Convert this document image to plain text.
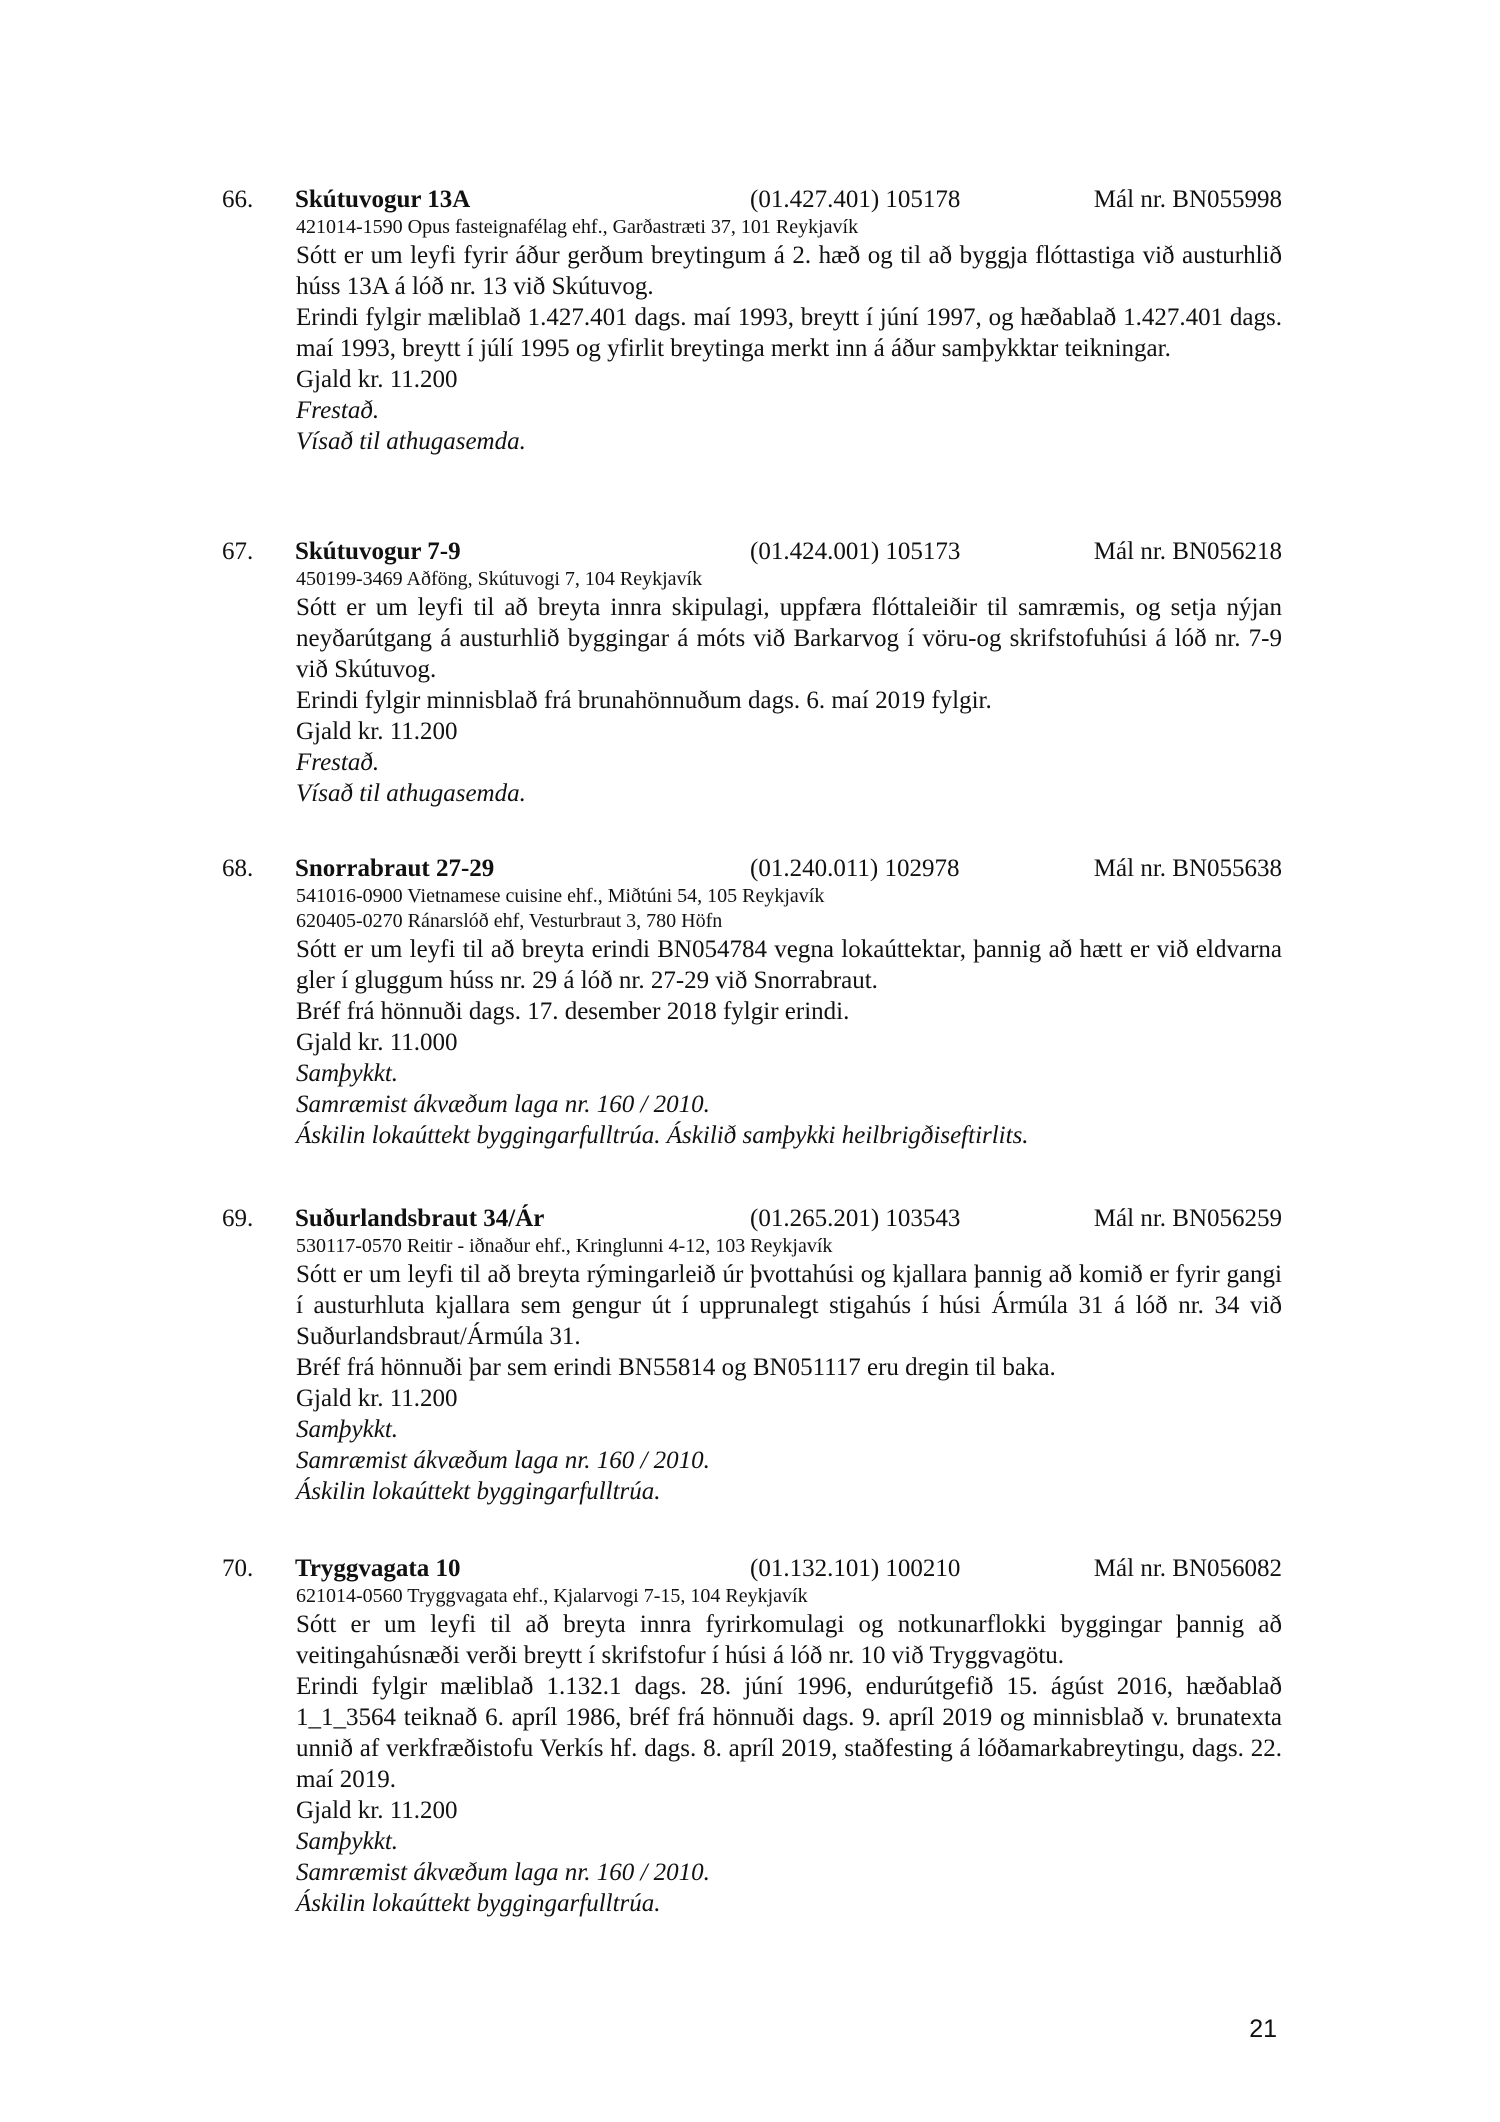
66. Skútuvogur 13A	(01.427.401) 105178	Mál nr. BN055998
421014-1590 Opus fasteignafélag ehf., Garðastræti 37, 101 Reykjavík

Sótt er um leyfi fyrir áður gerðum breytingum á 2. hæð og til að byggja flóttastiga við austurhlið húss 13A á lóð nr. 13 við Skútuvog.

Erindi fylgir mæliblað 1.427.401 dags. maí 1993, breytt í júní 1997, og hæðablað 1.427.401 dags. maí 1993, breytt í júlí 1995 og yfirlit breytinga merkt inn á áður samþykktar teikningar.

Gjald kr. 11.200
Frestað.
Vísað til athugasemda.
67. Skútuvogur 7-9	(01.424.001) 105173	Mál nr. BN056218
450199-3469 Aðföng, Skútuvogi 7, 104 Reykjavík

Sótt er um leyfi til að breyta innra skipulagi, uppfæra flóttaleiðir til samræmis, og setja nýjan neyðarútgang á austurhlið byggingar á móts við Barkarvog í vöru-og skrifstofuhúsi á lóð nr. 7-9 við Skútuvog.

Erindi fylgir minnisblað frá brunahönnuðum dags. 6. maí 2019 fylgir.

Gjald kr. 11.200
Frestað.
Vísað til athugasemda.
68. Snorrabraut 27-29	(01.240.011) 102978	Mál nr. BN055638
541016-0900 Vietnamese cuisine ehf., Miðtúni 54, 105 Reykjavík
620405-0270 Ránarslóð ehf, Vesturbraut 3, 780 Höfn

Sótt er um leyfi til að breyta erindi BN054784 vegna lokaúttektar, þannig að hætt er við eldvarna gler í gluggum húss nr. 29 á lóð nr. 27-29 við Snorrabraut.

Bréf frá hönnuði dags. 17. desember 2018 fylgir erindi.

Gjald kr. 11.000
Samþykkt.
Samræmist ákvæðum laga nr. 160 / 2010.
Áskilin lokaúttekt byggingarfulltrúa. Áskilið samþykki heilbrigðiseftirlits.
69. Suðurlandsbraut 34/Ár	(01.265.201) 103543	Mál nr. BN056259
530117-0570 Reitir - iðnaður ehf., Kringlunni 4-12, 103 Reykjavík

Sótt er um leyfi til að breyta rýmingarleið úr þvottahúsi og kjallara þannig að komið er fyrir gangi í austurhluta kjallara sem gengur út í upprunalegt stigahús í húsi Ármúla 31 á lóð nr. 34 við Suðurlandsbraut/Ármúla 31.

Bréf frá hönnuði þar sem erindi BN55814 og BN051117 eru dregin til baka.

Gjald kr. 11.200
Samþykkt.
Samræmist ákvæðum laga nr. 160 / 2010.
Áskilin lokaúttekt byggingarfulltrúa.
70. Tryggvagata 10	(01.132.101) 100210	Mál nr. BN056082
621014-0560 Tryggvagata ehf., Kjalarvogi 7-15, 104 Reykjavík

Sótt er um leyfi til að breyta innra fyrirkomulagi og notkunarflokki byggingar þannig að veitingahúsnæði verði breytt í skrifstofur í húsi á lóð nr. 10 við Tryggvagötu.

Erindi fylgir mæliblað 1.132.1 dags. 28. júní 1996, endurútgefið 15. ágúst 2016, hæðablað 1_1_3564 teiknað 6. apríl 1986, bréf frá hönnuði dags. 9. apríl 2019 og minnisblað v. brunatexta unnið af verkfræðistofu Verkís hf. dags. 8. apríl 2019, staðfesting á lóðamarkabreytingu, dags. 22. maí 2019.

Gjald kr. 11.200
Samþykkt.
Samræmist ákvæðum laga nr. 160 / 2010.
Áskilin lokaúttekt byggingarfulltrúa.
21
